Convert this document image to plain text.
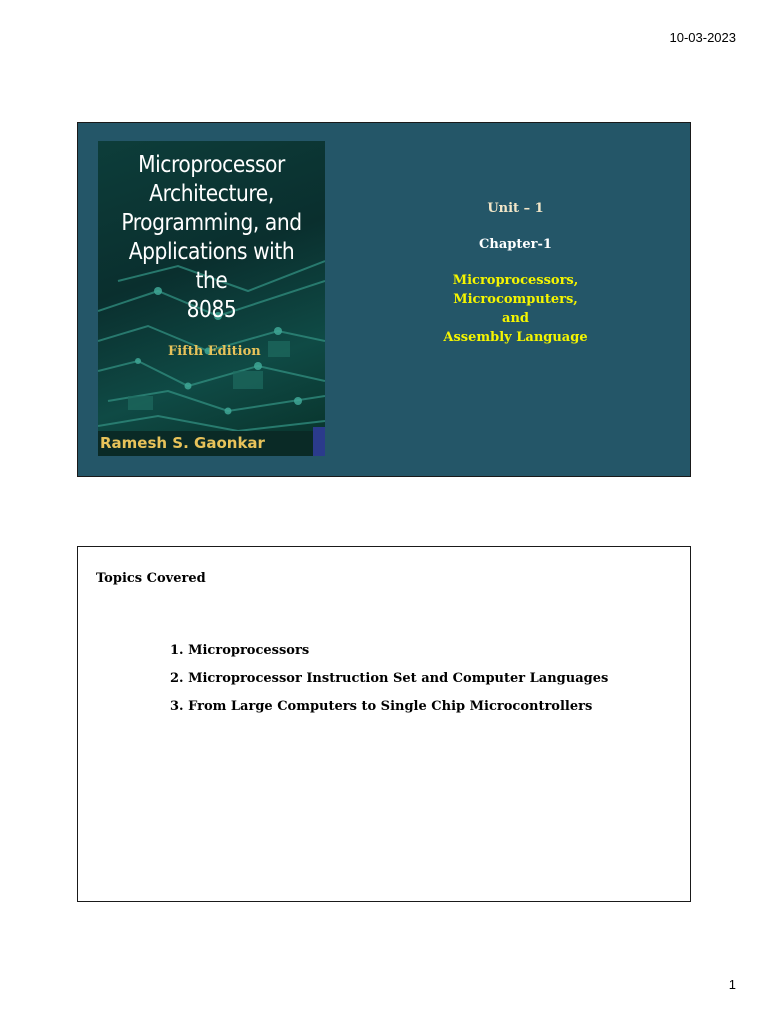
10-03-2023
Microprocessor
Architecture,
Programming, and
Applications with the
8085
Fifth Edition
Ramesh S. Gaonkar
Unit – 1
Chapter-1
Microprocessors,
Microcomputers,
and
Assembly Language
Topics Covered
1. Microprocessors
2. Microprocessor Instruction Set and Computer Languages
3. From Large Computers to Single Chip Microcontrollers
1
